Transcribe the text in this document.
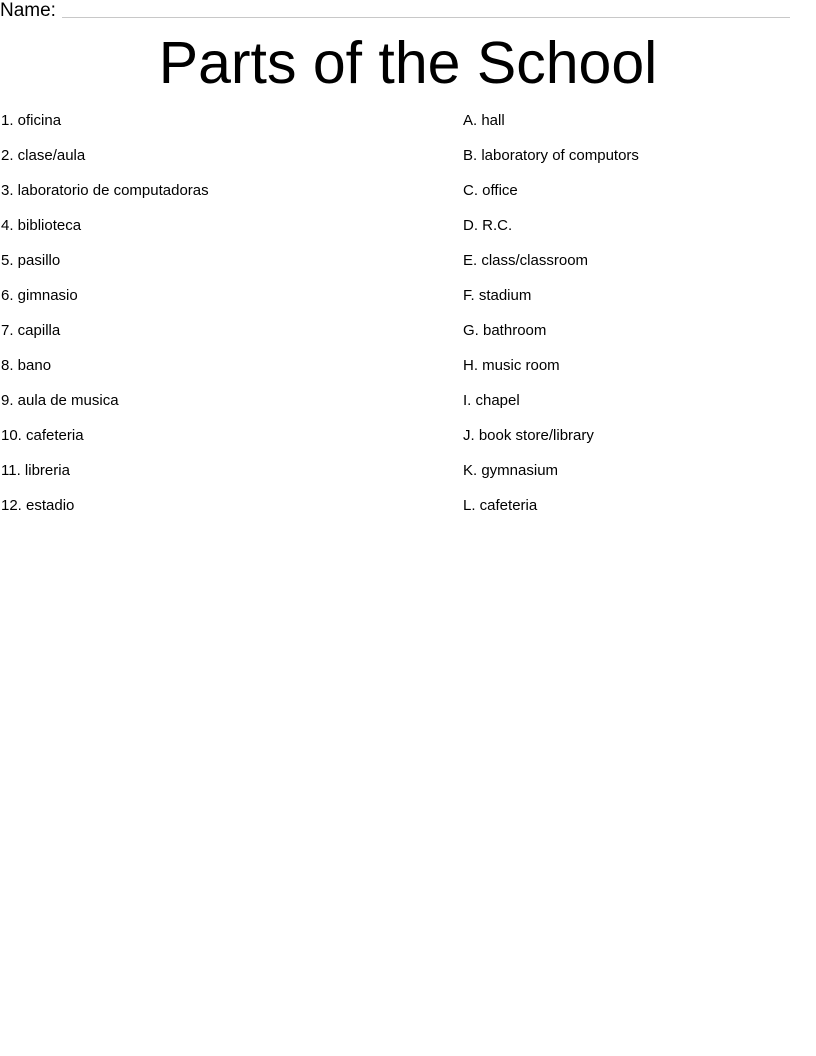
Name:
Parts of the School
1. oficina
2. clase/aula
3. laboratorio de computadoras
4. biblioteca
5. pasillo
6. gimnasio
7. capilla
8. bano
9. aula de musica
10. cafeteria
11. libreria
12. estadio
A. hall
B. laboratory of computors
C. office
D. R.C.
E. class/classroom
F. stadium
G. bathroom
H. music room
I. chapel
J. book store/library
K. gymnasium
L. cafeteria
